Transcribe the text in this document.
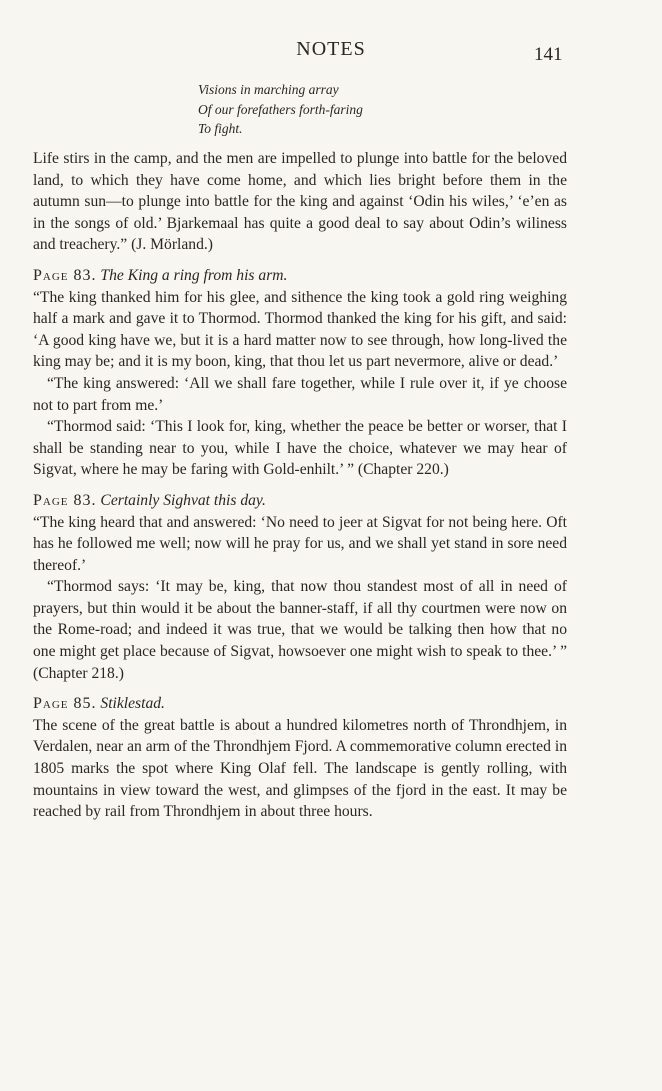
NOTES	141
Visions in marching array
Of our forefathers forth-faring
To fight.

Life stirs in the camp, and the men are impelled to plunge into battle for the beloved land, to which they have come home, and which lies bright before them in the autumn sun—to plunge into battle for the king and against ‘Odin his wiles,’ ‘e’en as in the songs of old.’ Bjarkemaal has quite a good deal to say about Odin’s wiliness and treachery.” (J. Mörland.)

Page 83. The King a ring from his arm.

“The king thanked him for his glee, and sithence the king took a gold ring weighing half a mark and gave it to Thormod. Thormod thanked the king for his gift, and said: ‘A good king have we, but it is a hard matter now to see through, how long-lived the king may be; and it is my boon, king, that thou let us part nevermore, alive or dead.’

“The king answered: ‘All we shall fare together, while I rule over it, if ye choose not to part from me.’

“Thormod said: ‘This I look for, king, whether the peace be better or worser, that I shall be standing near to you, while I have the choice, whatever we may hear of Sigvat, where he may be faring with Gold-enhilt.’ ” (Chapter 220.)

Page 83. Certainly Sighvat this day.

“The king heard that and answered: ‘No need to jeer at Sigvat for not being here. Oft has he followed me well; now will he pray for us, and we shall yet stand in sore need thereof.’

“Thormod says: ‘It may be, king, that now thou standest most of all in need of prayers, but thin would it be about the banner-staff, if all thy courtmen were now on the Rome-road; and indeed it was true, that we would be talking then how that no one might get place because of Sigvat, howsoever one might wish to speak to thee.’ ” (Chapter 218.)

Page 85. Stiklestad.

The scene of the great battle is about a hundred kilometres north of Throndhjem, in Verdalen, near an arm of the Throndhjem Fjord. A commemorative column erected in 1805 marks the spot where King Olaf fell. The landscape is gently rolling, with mountains in view toward the west, and glimpses of the fjord in the east. It may be reached by rail from Throndhjem in about three hours.
